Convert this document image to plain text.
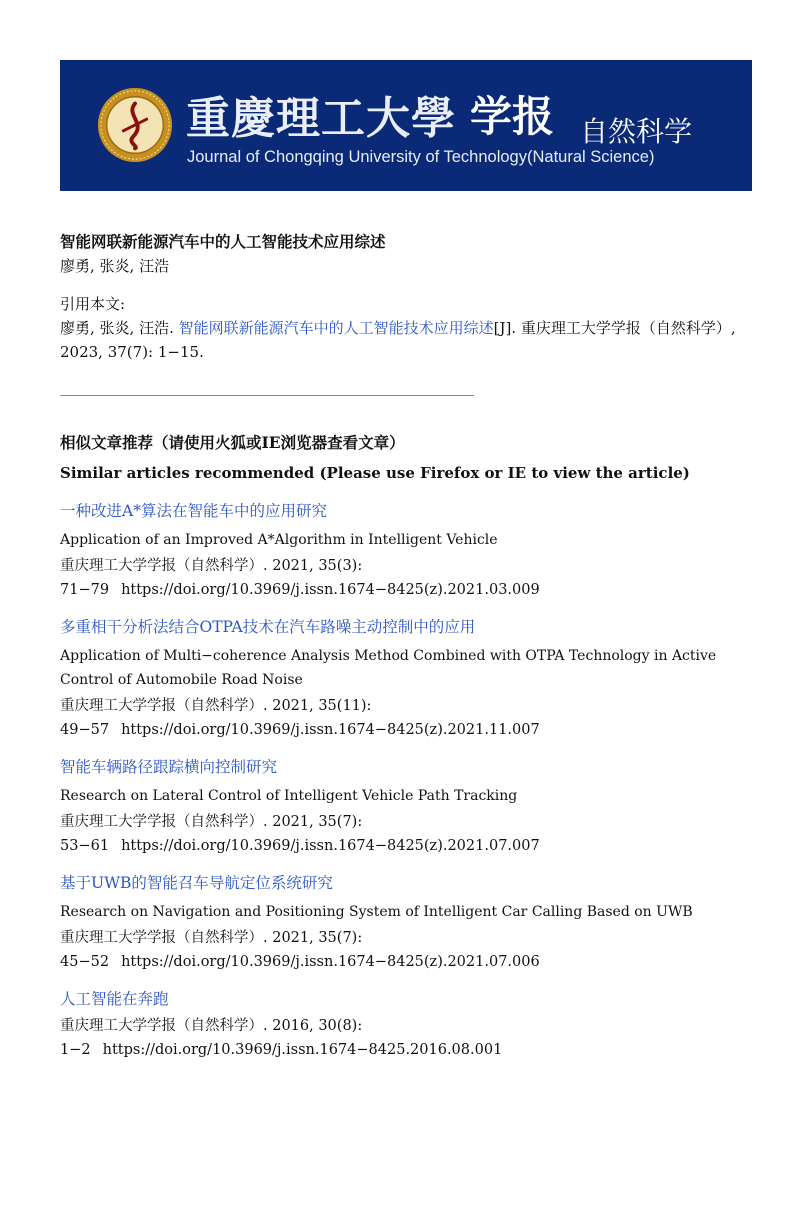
重慶理工大學 学报 自然科学
Journal of Chongqing University of Technology(Natural Science)

智能网联新能源汽车中的人工智能技术应用综述

廖勇, 张炎, 汪浩

引用本文:

廖勇, 张炎, 汪浩. 智能网联新能源汽车中的人工智能技术应用综述[J]. 重庆理工大学学报（自然科学）, 2023, 37(7): 1−15.

相似文章推荐（请使用火狐或IE浏览器查看文章）

Similar articles recommended (Please use Firefox or IE to view the article)

一种改进A*算法在智能车中的应用研究

Application of an Improved A*Algorithm in Intelligent Vehicle

重庆理工大学学报（自然科学）. 2021, 35(3): 71−79 https://doi.org/10.3969/j.issn.1674−8425(z).2021.03.009

多重相干分析法结合OTPA技术在汽车路噪主动控制中的应用

Application of Multi−coherence Analysis Method Combined with OTPA Technology in Active Control of Automobile Road Noise

重庆理工大学学报（自然科学）. 2021, 35(11): 49−57 https://doi.org/10.3969/j.issn.1674−8425(z).2021.11.007

智能车辆路径跟踪横向控制研究

Research on Lateral Control of Intelligent Vehicle Path Tracking

重庆理工大学学报（自然科学）. 2021, 35(7): 53−61 https://doi.org/10.3969/j.issn.1674−8425(z).2021.07.007

基于UWB的智能召车导航定位系统研究

Research on Navigation and Positioning System of Intelligent Car Calling Based on UWB

重庆理工大学学报（自然科学）. 2021, 35(7): 45−52 https://doi.org/10.3969/j.issn.1674−8425(z).2021.07.006

人工智能在奔跑

重庆理工大学学报（自然科学）. 2016, 30(8): 1−2 https://doi.org/10.3969/j.issn.1674−8425.2016.08.001
